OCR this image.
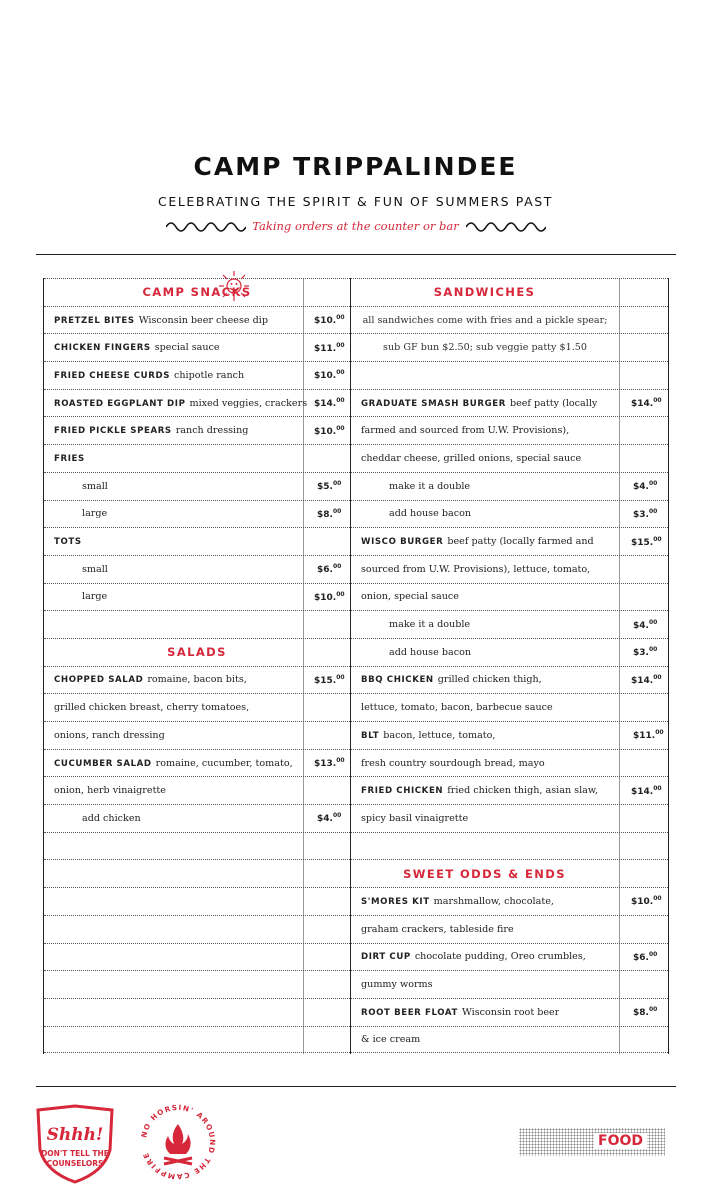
CAMP TRIPPALINDEE
CELEBRATING THE SPIRIT & FUN OF SUMMERS PAST
Taking orders at the counter or bar
CAMP SNACKS
PRETZEL BITES Wisconsin beer cheese dip	$10.00
CHICKEN FINGERS special sauce	$11.00
FRIED CHEESE CURDS chipotle ranch	$10.00
ROASTED EGGPLANT DIP mixed veggies, crackers $14.00
FRIED PICKLE SPEARS ranch dressing	$10.00
FRIES
small	$5.00
large	$8.00
TOTS
small	$6.00
large	$10.00
SALADS
CHOPPED SALAD romaine, bacon bits,	$15.00
grilled chicken breast, cherry tomatoes,
onions, ranch dressing
CUCUMBER SALAD romaine, cucumber, tomato, $13.00
onion, herb vinaigrette
add chicken	$4.00
SANDWICHES
all sandwiches come with fries and a pickle spear;
sub GF bun $2.50; sub veggie patty $1.50
GRADUATE SMASH BURGER beef patty (locally	$14.00
farmed and sourced from U.W. Provisions),
cheddar cheese, grilled onions, special sauce
make it a double	$4.00
add house bacon	$3.00
WISCO BURGER beef patty (locally farmed and	$15.00
sourced from U.W. Provisions), lettuce, tomato,
onion, special sauce
make it a double	$4.00
add house bacon	$3.00
BBQ CHICKEN grilled chicken thigh,	$14.00
lettuce, tomato, bacon, barbecue sauce
BLT bacon, lettuce, tomato,	$11.00
fresh country sourdough bread, mayo
FRIED CHICKEN fried chicken thigh, asian slaw,	$14.00
spicy basil vinaigrette
SWEET ODDS & ENDS
S'MORES KIT marshmallow, chocolate,	$10.00
graham crackers, tableside fire
DIRT CUP chocolate pudding, Oreo crumbles,	$6.00
gummy worms
ROOT BEER FLOAT Wisconsin root beer	$8.00
& ice cream
Shhh!
DON'T TELL THE
COUNSELORS
NO HORSIN' AROUND THE CAMPFIRE
FOOD
